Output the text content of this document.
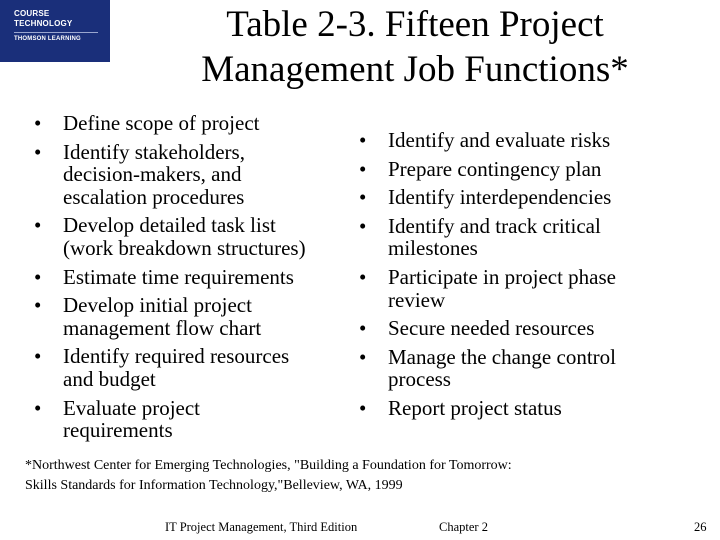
COURSE
TECHNOLOGY
THOMSON LEARNING	Table 2-3. Fifteen Project
Management Job Functions*
• Define scope of project
• Identify stakeholders,
decision-makers, and
escalation procedures
• Develop detailed task list
(work breakdown structures)
• Estimate time requirements
• Develop initial project
management flow chart
• Identify required resources
and budget
• Evaluate project
requirements
• Identify and evaluate risks
• Prepare contingency plan
• Identify interdependencies
• Identify and track critical
milestones
• Participate in project phase
review
• Secure needed resources
• Manage the change control
process
• Report project status
*Northwest Center for Emerging Technologies, "Building a Foundation for Tomorrow:
Skills Standards for Information Technology,"Belleview, WA, 1999
IT Project Management, Third Edition	Chapter 2	26
